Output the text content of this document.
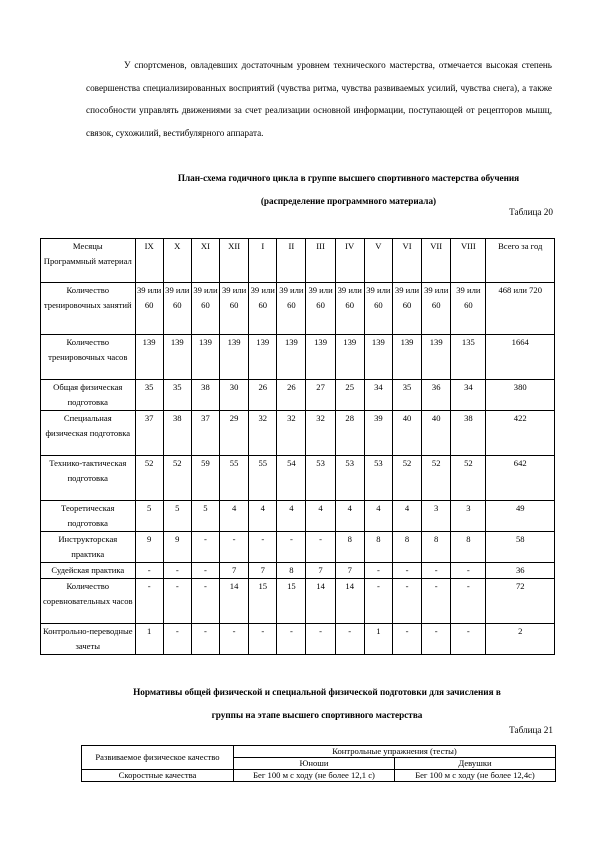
У спортсменов, овладевших достаточным уровнем технического мастерства, отмечается высокая степень совершенства специализированных восприятий (чувства ритма, чувства развиваемых усилий, чувства снега), а также способности управлять движениями за счет реализации основной информации, поступающей от рецепторов мышц, связок, сухожилий, вестибулярного аппарата.

План-схема годичного цикла в группе высшего спортивного мастерства обучения
(распределение программного материала)
Таблица 20
Месяцы
Программный материал	IX	X	XI	XII	I	II	III	IV	V	VI	VII	VIII	Всего за год
Количество тренировочных занятий	39 или 60	39 или 60	39 или 60	39 или 60	39 или 60	39 или 60	39 или 60	39 или 60	39 или 60	39 или 60	39 или 60	39 или 60	468 или 720
Количество тренировочных часов	139	139	139	139	139	139	139	139	139	139	139	135	1664
Общая физическая подготовка	35	35	38	30	26	26	27	25	34	35	36	34	380
Специальная физическая подготовка	37	38	37	29	32	32	32	28	39	40	40	38	422
Технико-тактическая подготовка	52	52	59	55	55	54	53	53	53	52	52	52	642
Теоретическая подготовка	5	5	5	4	4	4	4	4	4	4	3	3	49
Инструкторская практика	9	9	-	-	-	-	-	8	8	8	8	8	58
Судейская практика	-	-	-	7	7	8	7	7	-	-	-	-	36
Количество соревновательных часов	-	-	-	14	15	15	14	14	-	-	-	-	72
Контрольно-переводные зачеты	1	-	-	-	-	-	-	-	1	-	-	-	2
Нормативы общей физической и специальной физической подготовки для зачисления в
группы на этапе высшего спортивного мастерства
Таблица 21
Развиваемое физическое качество	Контрольные упражнения (тесты)	
	Юноши	Девушки
Скоростные качества	Бег 100 м с ходу (не более 12,1 с)	Бег 100 м с ходу (не более 12,4с)
